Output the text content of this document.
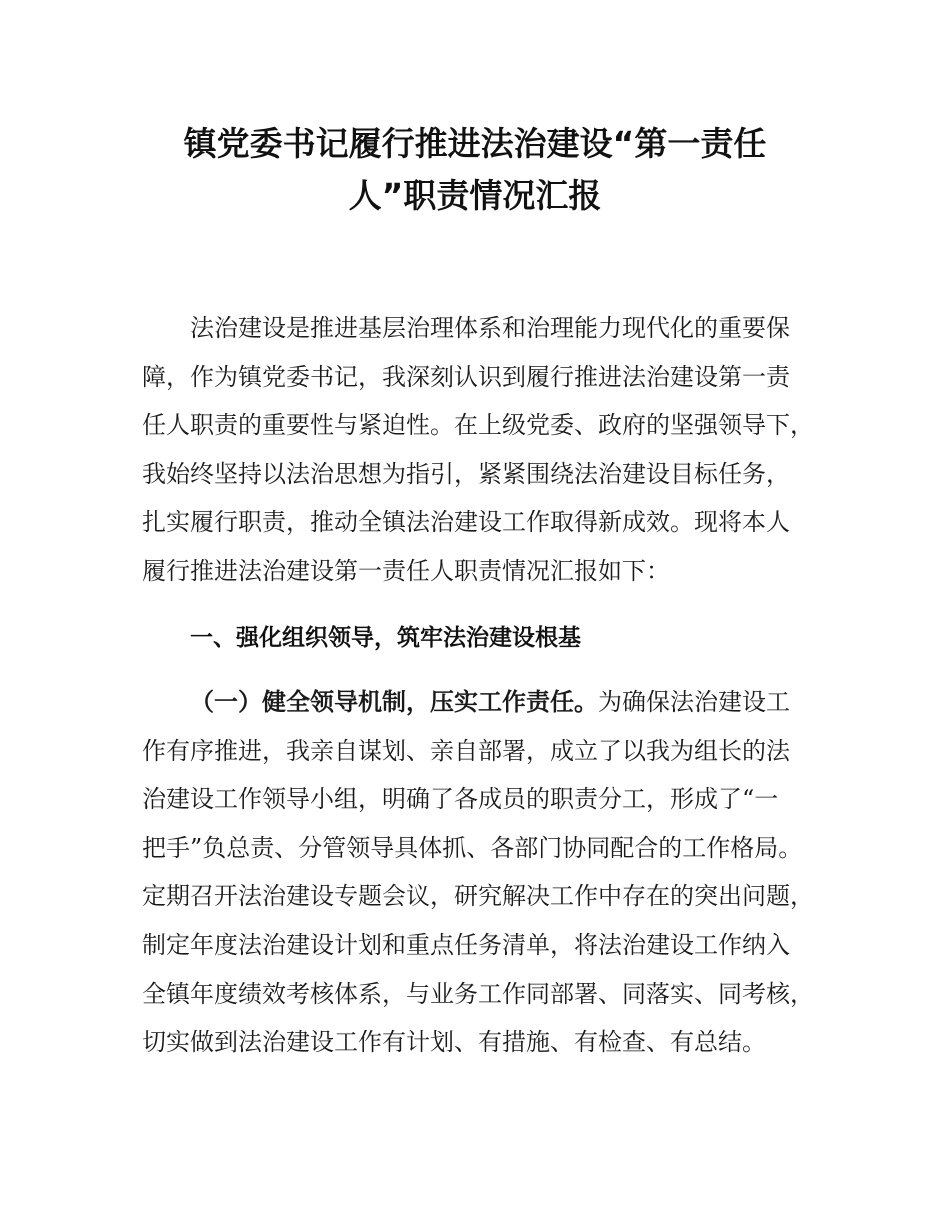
镇党委书记履行推进法治建设“第一责任
人”职责情况汇报

法治建设是推进基层治理体系和治理能力现代化的重要保
障，作为镇党委书记，我深刻认识到履行推进法治建设第一责
任人职责的重要性与紧迫性。在上级党委、政府的坚强领导下，
我始终坚持以法治思想为指引，紧紧围绕法治建设目标任务，
扎实履行职责，推动全镇法治建设工作取得新成效。现将本人
履行推进法治建设第一责任人职责情况汇报如下：

一、强化组织领导，筑牢法治建设根基

（一）健全领导机制，压实工作责任。为确保法治建设工
作有序推进，我亲自谋划、亲自部署，成立了以我为组长的法
治建设工作领导小组，明确了各成员的职责分工，形成了“一
把手”负总责、分管领导具体抓、各部门协同配合的工作格局。
定期召开法治建设专题会议，研究解决工作中存在的突出问题，
制定年度法治建设计划和重点任务清单，将法治建设工作纳入
全镇年度绩效考核体系，与业务工作同部署、同落实、同考核，
切实做到法治建设工作有计划、有措施、有检查、有总结。
